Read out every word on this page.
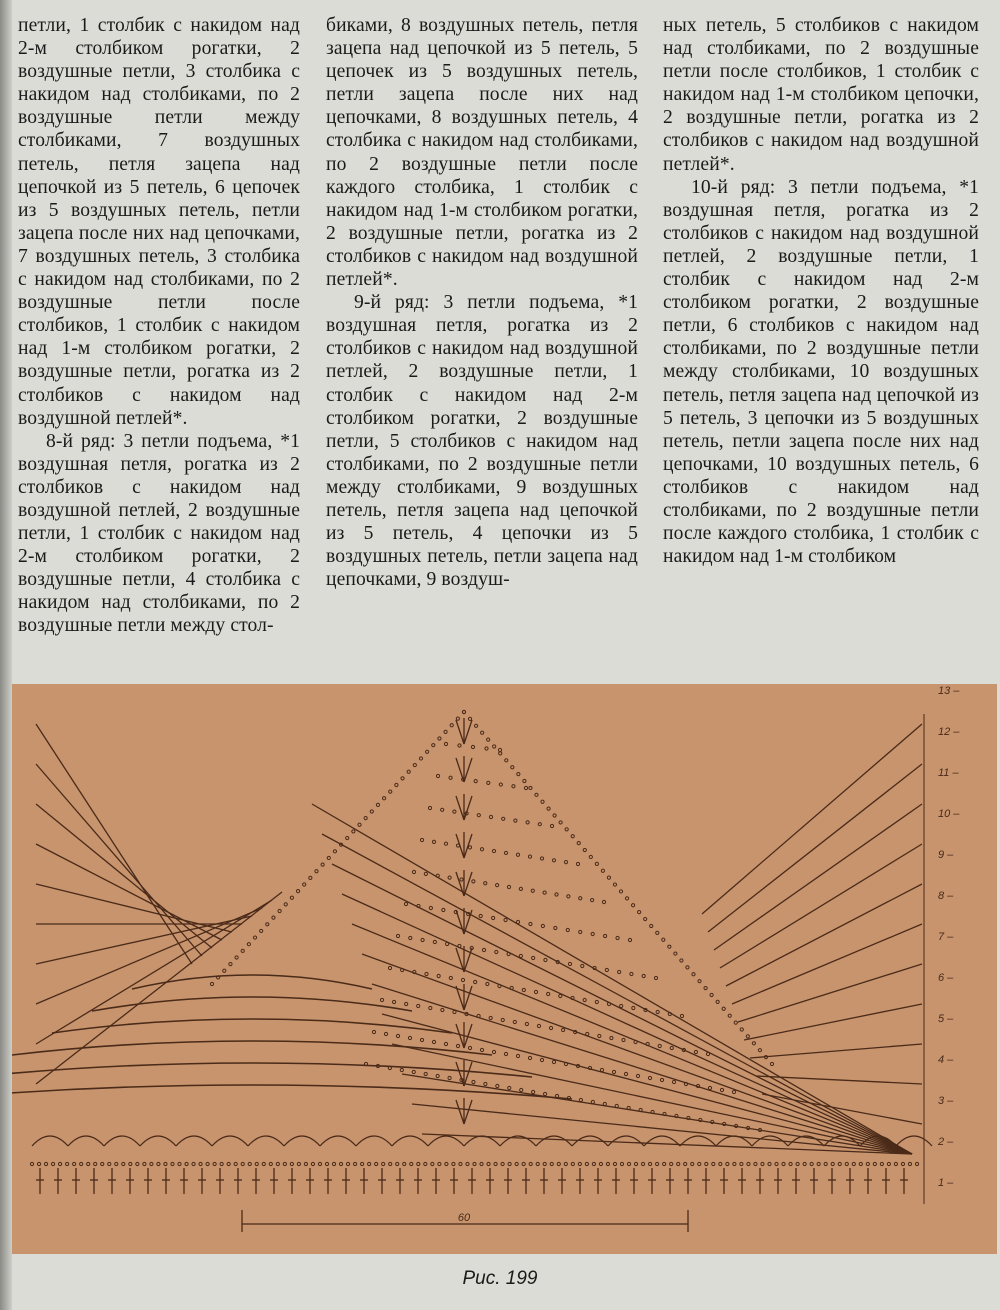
петли, 1 столбик с накидом над 2-м столбиком рогатки, 2 воздушные петли, 3 столбика с накидом над столбиками, по 2 воздушные петли между столбиками, 7 воздушных петель, петля зацепа над цепочкой из 5 петель, 6 цепочек из 5 воздушных петель, петли зацепа после них над цепочками, 7 воздушных петель, 3 столбика с накидом над столбиками, по 2 воздушные петли после столбиков, 1 столбик с накидом над 1-м столбиком рогатки, 2 воздушные петли, рогатка из 2 столбиков с накидом над воздушной петлей*.

8-й ряд: 3 петли подъема, *1 воздушная петля, рогатка из 2 столбиков с накидом над воздушной петлей, 2 воздушные петли, 1 столбик с накидом над 2-м столбиком рогатки, 2 воздушные петли, 4 столбика с накидом над столбиками, по 2 воздушные петли между стол-

биками, 8 воздушных петель, петля зацепа над цепочкой из 5 петель, 5 цепочек из 5 воздушных петель, петли зацепа после них над цепочками, 8 воздушных петель, 4 столбика с накидом над столбиками, по 2 воздушные петли после каждого столбика, 1 столбик с накидом над 1-м столбиком рогатки, 2 воздушные петли, рогатка из 2 столбиков с накидом над воздушной петлей*.

9-й ряд: 3 петли подъема, *1 воздушная петля, рогатка из 2 столбиков с накидом над воздушной петлей, 2 воздушные петли, 1 столбик с накидом над 2-м столбиком рогатки, 2 воздушные петли, 5 столбиков с накидом над столбиками, по 2 воздушные петли между столбиками, 9 воздушных петель, петля зацепа над цепочкой из 5 петель, 4 цепочки из 5 воздушных петель, петли зацепа над цепочками, 9 воздуш-

ных петель, 5 столбиков с накидом над столбиками, по 2 воздушные петли после столбиков, 1 столбик с накидом над 1-м столбиком цепочки, 2 воздушные петли, рогатка из 2 столбиков с накидом над воздушной петлей*.

10-й ряд: 3 петли подъема, *1 воздушная петля, рогатка из 2 столбиков с накидом над воздушной петлей, 2 воздушные петли, 1 столбик с накидом над 2-м столбиком рогатки, 2 воздушные петли, 6 столбиков с накидом над столбиками, по 2 воздушные петли между столбиками, 10 воздушных петель, петля зацепа над цепочкой из 5 петель, 3 цепочки из 5 воздушных петель, петли зацепа после них над цепочками, 10 воздушных петель, 6 столбиков с накидом над столбиками, по 2 воздушные петли после каждого столбика, 1 столбик с накидом над 1-м столбиком

1 –
2 –
3 –
4 –
5 –
6 –
7 –
8 –
9 –
10 –
11 –
12 –
13 –
60
Рис. 199
